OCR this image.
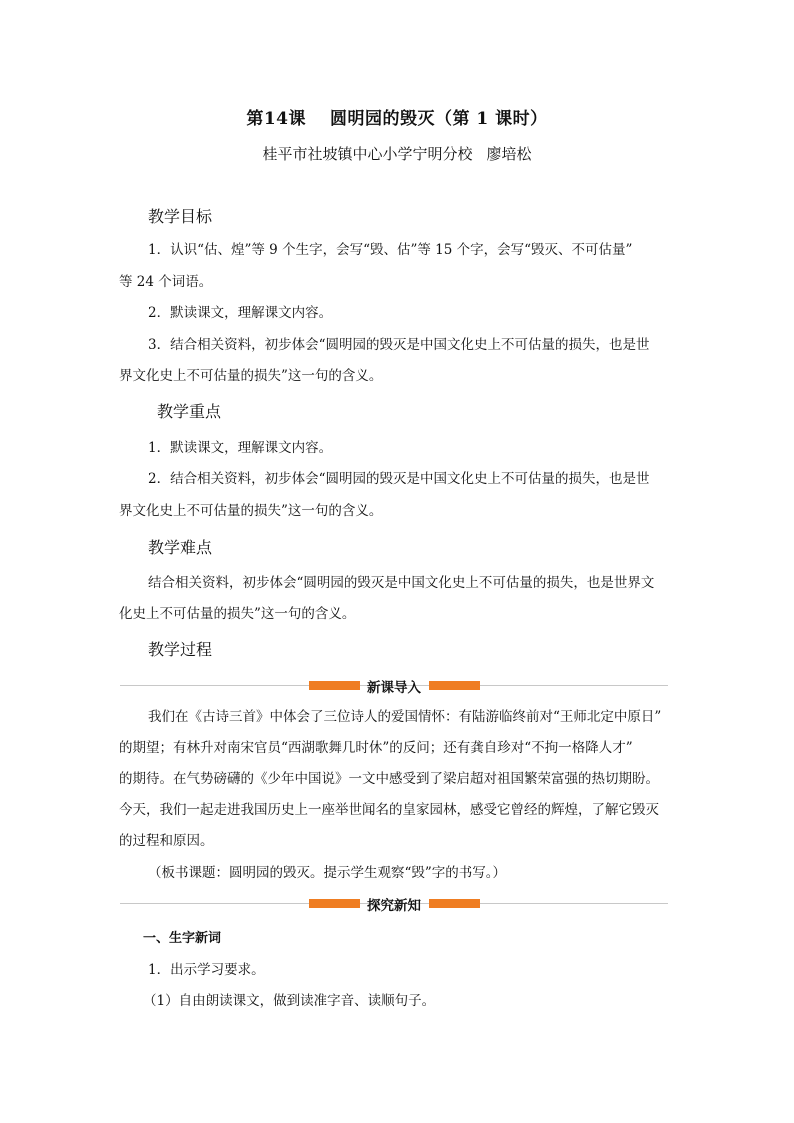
第14课 圆明园的毁灭（第 1 课时）
桂平市社坡镇中心小学宁明分校 廖培松
教学目标
1．认识“估、煌”等 9 个生字，会写“毁、估”等 15 个字，会写“毁灭、不可估量”
等 24 个词语。
2．默读课文，理解课文内容。
3．结合相关资料，初步体会“圆明园的毁灭是中国文化史上不可估量的损失，也是世
界文化史上不可估量的损失”这一句的含义。
教学重点
1．默读课文，理解课文内容。
2．结合相关资料，初步体会“圆明园的毁灭是中国文化史上不可估量的损失，也是世
界文化史上不可估量的损失”这一句的含义。
教学难点
结合相关资料，初步体会“圆明园的毁灭是中国文化史上不可估量的损失，也是世界文
化史上不可估量的损失”这一句的含义。
教学过程
新课导入
我们在《古诗三首》中体会了三位诗人的爱国情怀：有陆游临终前对“王师北定中原日”
的期望；有林升对南宋官员“西湖歌舞几时休”的反问；还有龚自珍对“不拘一格降人才”
的期待。在气势磅礴的《少年中国说》一文中感受到了梁启超对祖国繁荣富强的热切期盼。
今天，我们一起走进我国历史上一座举世闻名的皇家园林，感受它曾经的辉煌，了解它毁灭
的过程和原因。
（板书课题：圆明园的毁灭。提示学生观察“毁”字的书写。）
探究新知
一、生字新词
1．出示学习要求。
（1）自由朗读课文，做到读准字音、读顺句子。
